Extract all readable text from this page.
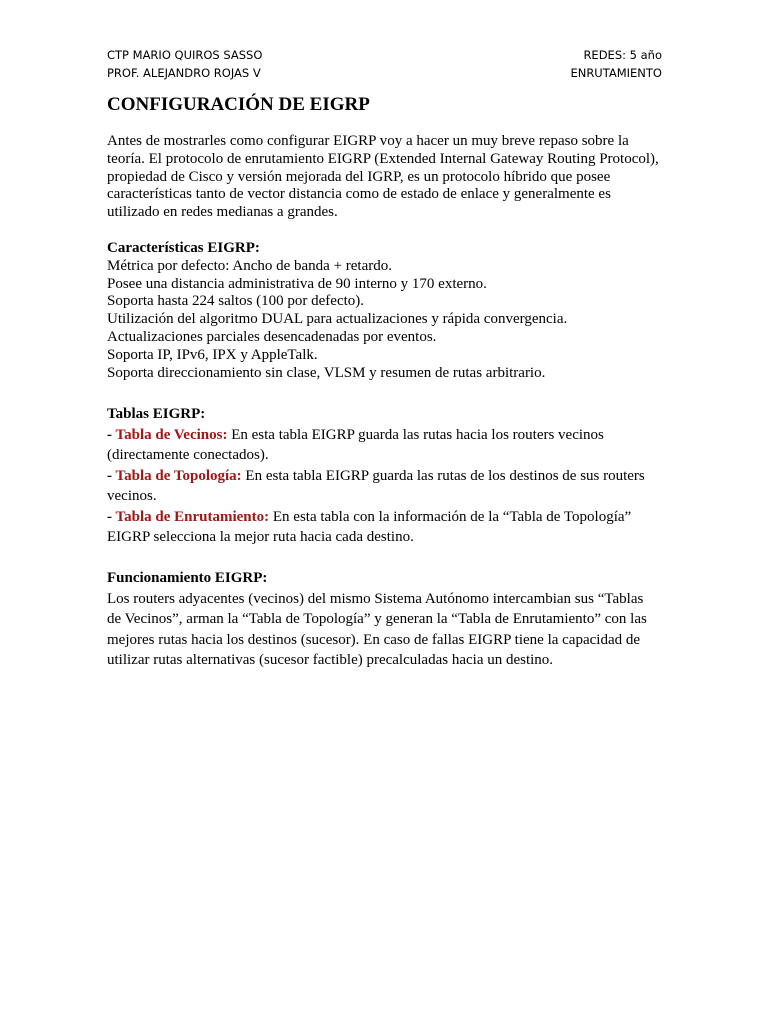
CTP MARIO QUIROS SASSO
PROF. ALEJANDRO ROJAS V
REDES: 5 año
ENRUTAMIENTO
CONFIGURACIÓN DE EIGRP
Antes de mostrarles como configurar EIGRP voy a hacer un muy breve repaso sobre la
teoría. El protocolo de enrutamiento EIGRP (Extended Internal Gateway Routing Protocol),
propiedad de Cisco y versión mejorada del IGRP, es un protocolo híbrido que posee
características tanto de vector distancia como de estado de enlace y generalmente es
utilizado en redes medianas a grandes.
Características EIGRP:
Métrica por defecto: Ancho de banda + retardo.
Posee una distancia administrativa de 90 interno y 170 externo.
Soporta hasta 224 saltos (100 por defecto).
Utilización del algoritmo DUAL para actualizaciones y rápida convergencia.
Actualizaciones parciales desencadenadas por eventos.
Soporta IP, IPv6, IPX y AppleTalk.
Soporta direccionamiento sin clase, VLSM y resumen de rutas arbitrario.
Tablas EIGRP:
- Tabla de Vecinos: En esta tabla EIGRP guarda las rutas hacia los routers vecinos
(directamente conectados).
- Tabla de Topología: En esta tabla EIGRP guarda las rutas de los destinos de sus routers
vecinos.
- Tabla de Enrutamiento: En esta tabla con la información de la “Tabla de Topología”
EIGRP selecciona la mejor ruta hacia cada destino.
Funcionamiento EIGRP:
Los routers adyacentes (vecinos) del mismo Sistema Autónomo intercambian sus “Tablas
de Vecinos”, arman la “Tabla de Topología” y generan la “Tabla de Enrutamiento” con las
mejores rutas hacia los destinos (sucesor). En caso de fallas EIGRP tiene la capacidad de
utilizar rutas alternativas (sucesor factible) precalculadas hacia un destino.
